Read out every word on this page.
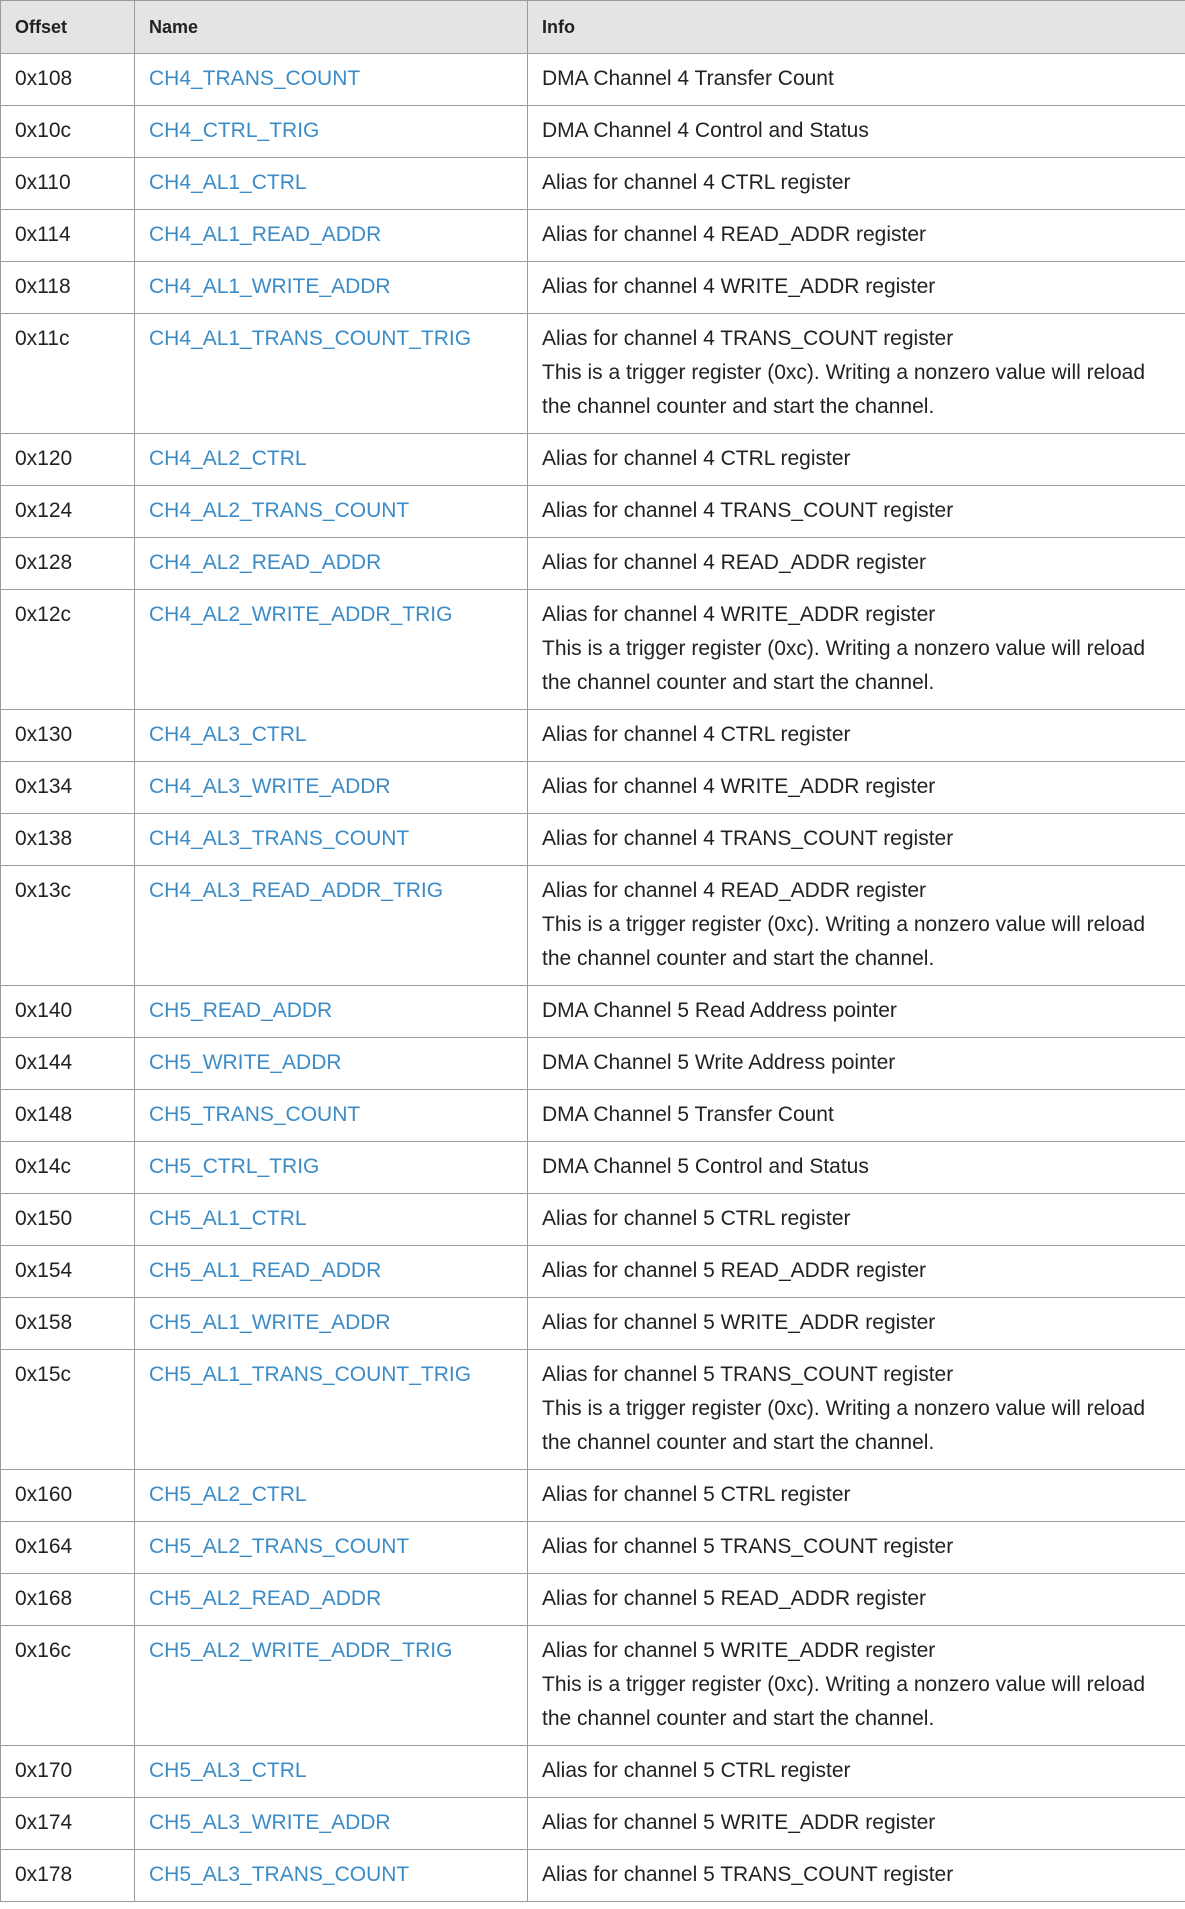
Offset	Name	Info
0x108	CH4_TRANS_COUNT	DMA Channel 4 Transfer Count

0x10c	CH4_CTRL_TRIG	DMA Channel 4 Control and Status

0x110	CH4_AL1_CTRL	Alias for channel 4 CTRL register

0x114	CH4_AL1_READ_ADDR	Alias for channel 4 READ_ADDR register

0x118	CH4_AL1_WRITE_ADDR	Alias for channel 4 WRITE_ADDR register

0x11c	CH4_AL1_TRANS_COUNT_TRIG	Alias for channel 4 TRANS_COUNT register
This is a trigger register (0xc). Writing a nonzero value will reload the channel counter and start the channel.

0x120	CH4_AL2_CTRL	Alias for channel 4 CTRL register

0x124	CH4_AL2_TRANS_COUNT	Alias for channel 4 TRANS_COUNT register

0x128	CH4_AL2_READ_ADDR	Alias for channel 4 READ_ADDR register

0x12c	CH4_AL2_WRITE_ADDR_TRIG	Alias for channel 4 WRITE_ADDR register
This is a trigger register (0xc). Writing a nonzero value will reload the channel counter and start the channel.

0x130	CH4_AL3_CTRL	Alias for channel 4 CTRL register

0x134	CH4_AL3_WRITE_ADDR	Alias for channel 4 WRITE_ADDR register

0x138	CH4_AL3_TRANS_COUNT	Alias for channel 4 TRANS_COUNT register

0x13c	CH4_AL3_READ_ADDR_TRIG	Alias for channel 4 READ_ADDR register
This is a trigger register (0xc). Writing a nonzero value will reload the channel counter and start the channel.

0x140	CH5_READ_ADDR	DMA Channel 5 Read Address pointer

0x144	CH5_WRITE_ADDR	DMA Channel 5 Write Address pointer

0x148	CH5_TRANS_COUNT	DMA Channel 5 Transfer Count

0x14c	CH5_CTRL_TRIG	DMA Channel 5 Control and Status

0x150	CH5_AL1_CTRL	Alias for channel 5 CTRL register

0x154	CH5_AL1_READ_ADDR	Alias for channel 5 READ_ADDR register

0x158	CH5_AL1_WRITE_ADDR	Alias for channel 5 WRITE_ADDR register

0x15c	CH5_AL1_TRANS_COUNT_TRIG	Alias for channel 5 TRANS_COUNT register
This is a trigger register (0xc). Writing a nonzero value will reload the channel counter and start the channel.

0x160	CH5_AL2_CTRL	Alias for channel 5 CTRL register

0x164	CH5_AL2_TRANS_COUNT	Alias for channel 5 TRANS_COUNT register

0x168	CH5_AL2_READ_ADDR	Alias for channel 5 READ_ADDR register

0x16c	CH5_AL2_WRITE_ADDR_TRIG	Alias for channel 5 WRITE_ADDR register
This is a trigger register (0xc). Writing a nonzero value will reload the channel counter and start the channel.

0x170	CH5_AL3_CTRL	Alias for channel 5 CTRL register

0x174	CH5_AL3_WRITE_ADDR	Alias for channel 5 WRITE_ADDR register

0x178	CH5_AL3_TRANS_COUNT	Alias for channel 5 TRANS_COUNT register
